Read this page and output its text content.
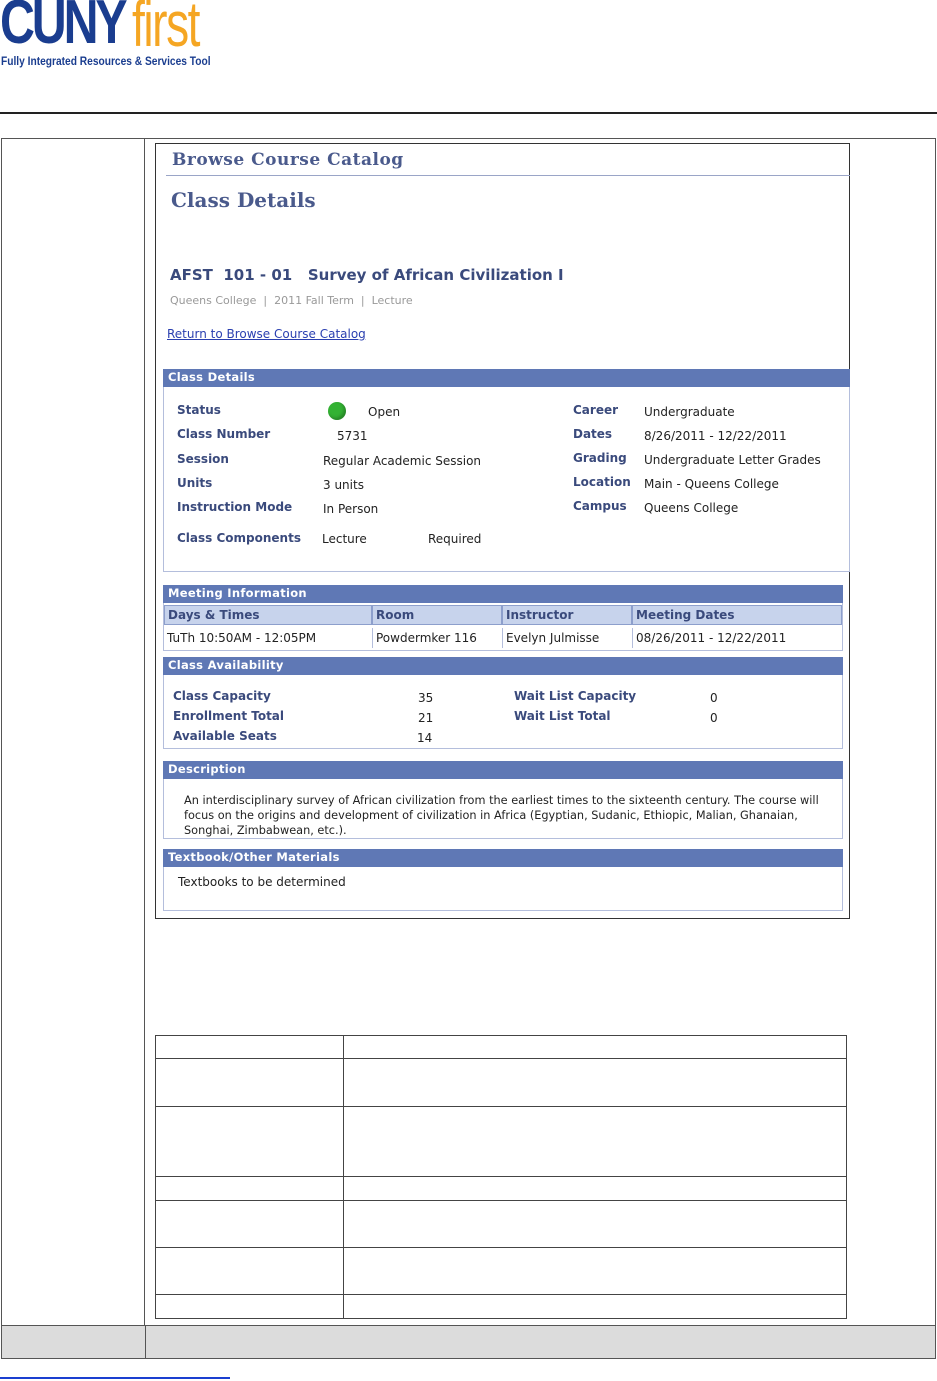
CUNY first
Fully Integrated Resources & Services Tool
Browse Course Catalog
Class Details
AFST  101 - 01   Survey of African Civilization I
Queens College  |  2011 Fall Term  |  Lecture
Return to Browse Course Catalog
Class Details
Status	Open
Class Number	5731
Session	Regular Academic Session
Units	3 units
Instruction Mode	In Person
Career Undergraduate
Dates	8/26/2011 - 12/22/2011
Grading Undergraduate Letter Grades
Location Main - Queens College
Campus Queens College
Class Components Lecture	Required
Meeting Information
Days & Times	Room	Instructor	Meeting Dates
TuTh 10:50AM - 12:05PM	Powdermker 116	Evelyn Julmisse	08/26/2011 - 12/22/2011
Class Availability
Class Capacity	35
Enrollment Total	21
Available Seats	14
Wait List Capacity	0
Wait List Total	0
Description
An interdisciplinary survey of African civilization from the earliest times to the sixteenth century. The course will focus on the origins and development of civilization in Africa (Egyptian, Sudanic, Ethiopic, Malian, Ghanaian, Songhai, Zimbabwean, etc.).
Textbook/Other Materials
Textbooks to be determined
